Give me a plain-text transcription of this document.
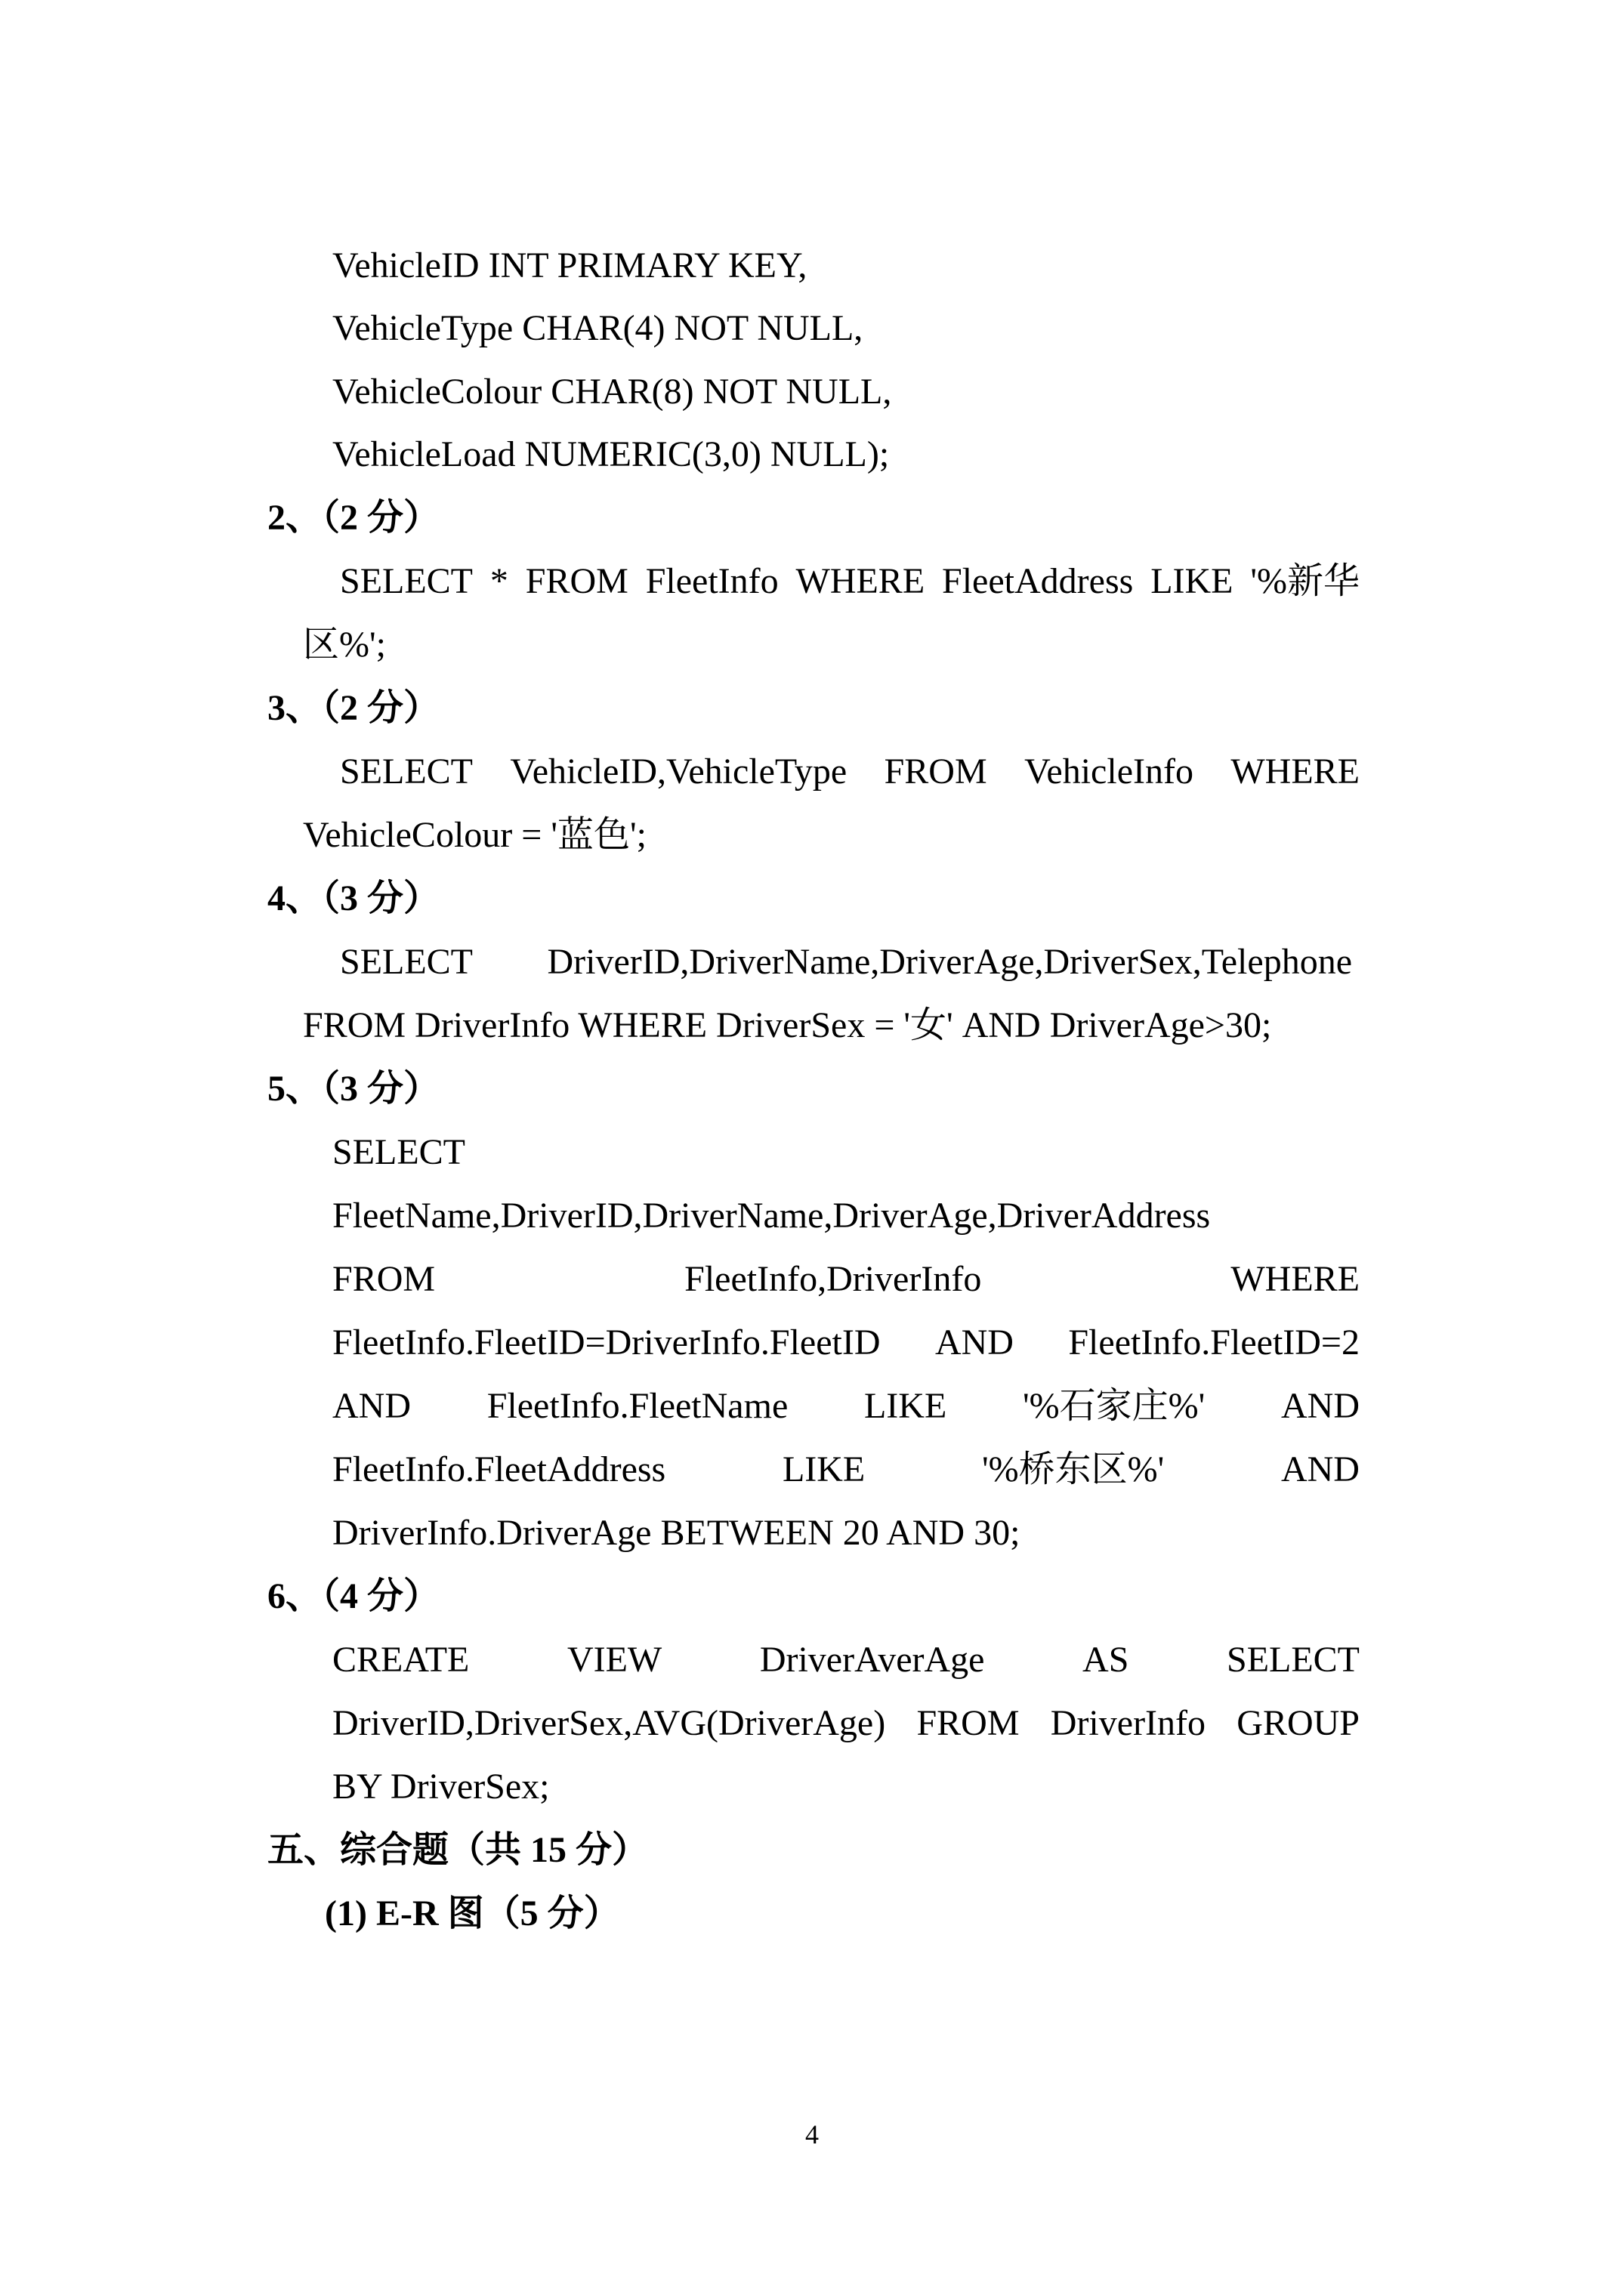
VehicleID INT PRIMARY KEY,

VehicleType CHAR(4) NOT NULL,

VehicleColour CHAR(8) NOT NULL,

VehicleLoad NUMERIC(3,0) NULL);

2、（2 分）

SELECT * FROM FleetInfo WHERE FleetAddress LIKE '%新华

区%';

3、（2 分）

SELECT VehicleID,VehicleType FROM VehicleInfo WHERE

VehicleColour = '蓝色';

4、（3 分）

SELECT DriverID,DriverName,DriverAge,DriverSex,Telephone

FROM DriverInfo WHERE DriverSex = '女' AND DriverAge>30;

5、（3 分）

SELECT

FleetName,DriverID,DriverName,DriverAge,DriverAddress

FROM	FleetInfo,DriverInfo	WHERE

FleetInfo.FleetID=DriverInfo.FleetID AND FleetInfo.FleetID=2

AND FleetInfo.FleetName LIKE '%石家庄%' AND

FleetInfo.FleetAddress	LIKE	'%桥东区%'	AND

DriverInfo.DriverAge BETWEEN 20 AND 30;

6、（4 分）

CREATE	VIEW	DriverAverAge	AS	SELECT

DriverID,DriverSex,AVG(DriverAge) FROM DriverInfo GROUP

BY DriverSex;

五、综合题（共 15 分）

(1) E-R 图（5 分）

4
